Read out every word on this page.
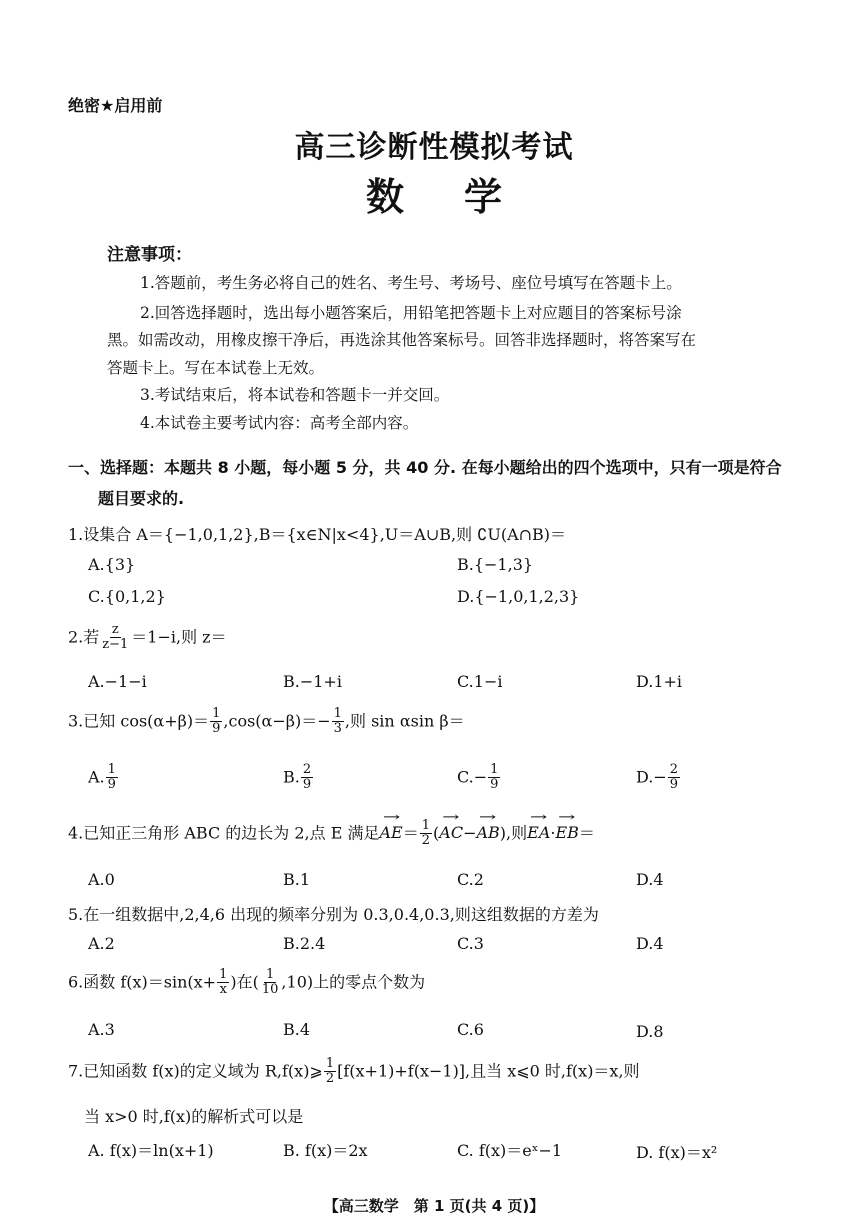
绝密★启用前
高三诊断性模拟考试
数学
注意事项：
1.答题前，考生务必将自己的姓名、考生号、考场号、座位号填写在答题卡上。
2.回答选择题时，选出每小题答案后，用铅笔把答题卡上对应题目的答案标号涂
黑。如需改动，用橡皮擦干净后，再选涂其他答案标号。回答非选择题时，将答案写在
答题卡上。写在本试卷上无效。
3.考试结束后，将本试卷和答题卡一并交回。
4.本试卷主要考试内容：高考全部内容。
一、选择题：本题共 8 小题，每小题 5 分，共 40 分. 在每小题给出的四个选项中，只有一项是符合
题目要求的.
1.设集合 A＝{−1,0,1,2},B＝{x∈N|x<4},U＝A∪B,则 ∁U(A∩B)＝
A.{3}	B.{−1,3}
C.{0,1,2}	D.{−1,0,1,2,3}
2.若 $\frac{z}{z-1} =1-i$,则 z＝
A.−1−i	B.−1+i	C.1−i	D.1+i
3.已知 $\cos(\alpha+\beta)= \frac{1}{9} ,\cos(\alpha-\beta)=- \frac{1}{3}$ ,则 sin αsin β＝
A. $\frac{1}{9}$	B. $\frac{2}{9}$	$C.- \frac{1}{9}$	$D.- \frac{2}{9}$
4.已知正三角形 ABC 的边长为 2,点 E 满足→ $AE= \frac{1}{2}$ (→ AC−→ AB),则→ EA·→ EB＝
A.0	B.1	C.2	D.4
5.在一组数据中,2,4,6 出现的频率分别为 0.3,0.4,0.3,则这组数据的方差为
A.2	B.2.4	C.3	D.4
6.函数 $f(x)=\sin(x+ \frac{1}{x}$ )在( $\frac{1}{10} ,10$)上的零点个数为
A.3	B.4	C.6	D.8
7.已知函数 f(x)的定义域为 R,f(x)⩾ $\frac{1}{2} [f(x+1)+f(x-1)]$,且当 x⩽0 时,f(x)＝x,则
当 x>0 时,f(x)的解析式可以是
A. f(x)＝ln(x+1)	B. f(x)＝2x	C. f(x)＝eˣ−1	D. f(x)＝x²
【高三数学　第 1 页(共 4 页)】
